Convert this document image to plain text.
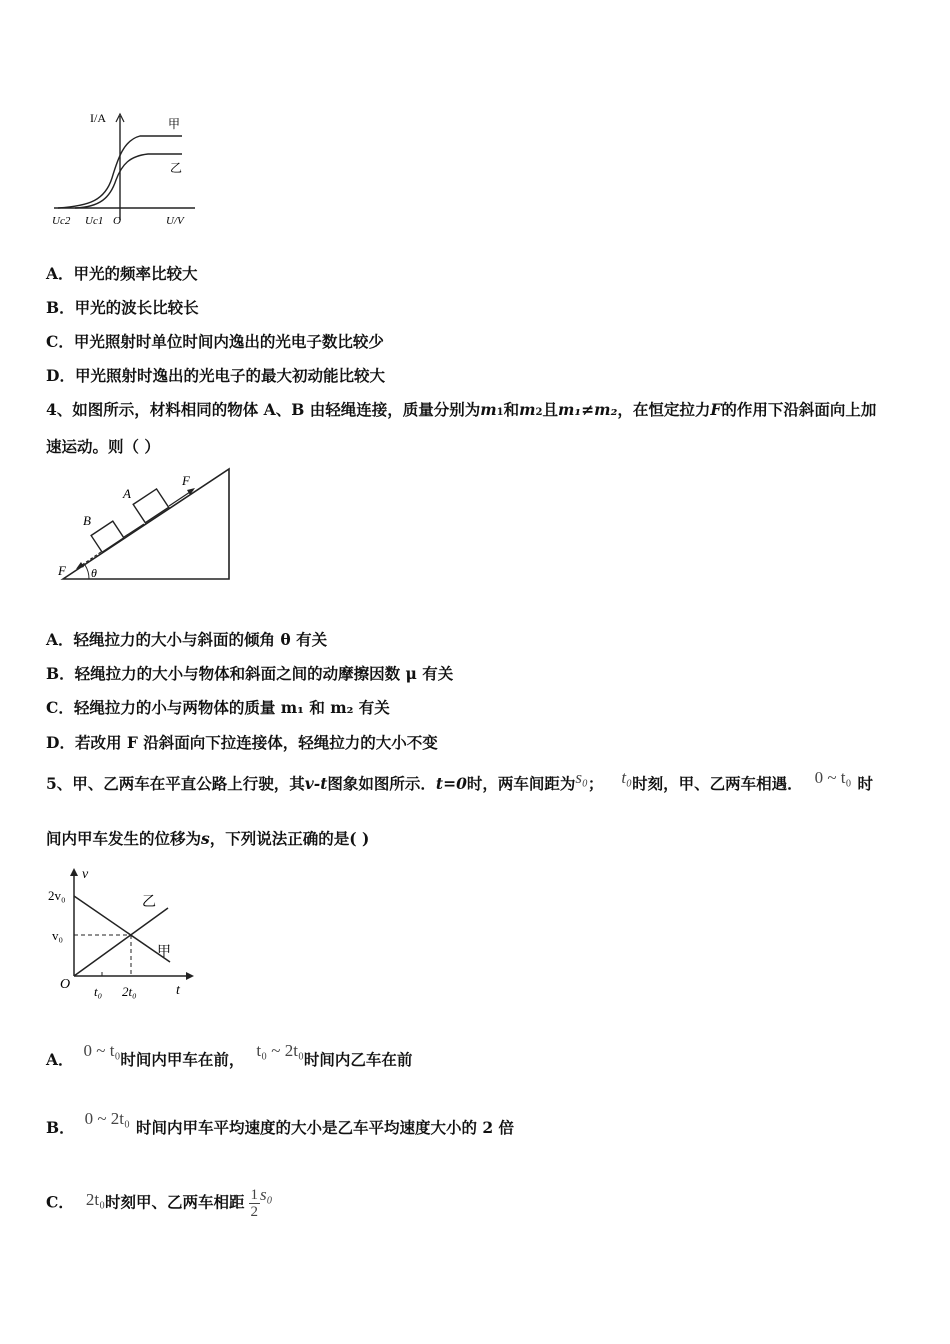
I/A	甲
乙
Uc2 Uc1 O	U/V
A．甲光的频率比较大
B．甲光的波长比较长
C．甲光照射时单位时间内逸出的光电子数比较少
D．甲光照射时逸出的光电子的最大初动能比较大
4、如图所示，材料相同的物体 A、B 由轻绳连接，质量分别为m1和m2且m₁≠m₂，在恒定拉力F的作用下沿斜面向上加
速运动。则（ ）
A
B
F
F θ
A．轻绳拉力的大小与斜面的倾角 θ 有关
B．轻绳拉力的大小与物体和斜面之间的动摩擦因数 μ 有关
C．轻绳拉力的小与两物体的质量 m₁ 和 m₂ 有关
D．若改用 F 沿斜面向下拉连接体，轻绳拉力的大小不变
5、甲、乙两车在平直公路上行驶，其v-t图象如图所示．t=0时，两车间距为s₀； t₀时刻，甲、乙两车相遇． 0 ~ t₀ 时
间内甲车发生的位移为s，下列说法正确的是( )
v
t
2v₀
v₀
O t₀ 2t₀
乙
甲
A． 0 ~ t₀时间内甲车在前， t₀ ~ 2t₀时间内乙车在前
B． 0 ~ 2t₀ 时间内甲车平均速度的大小是乙车平均速度大小的 2 倍
C． 2t₀时刻甲、乙两车相距 $\frac{1}{2} s_0$
